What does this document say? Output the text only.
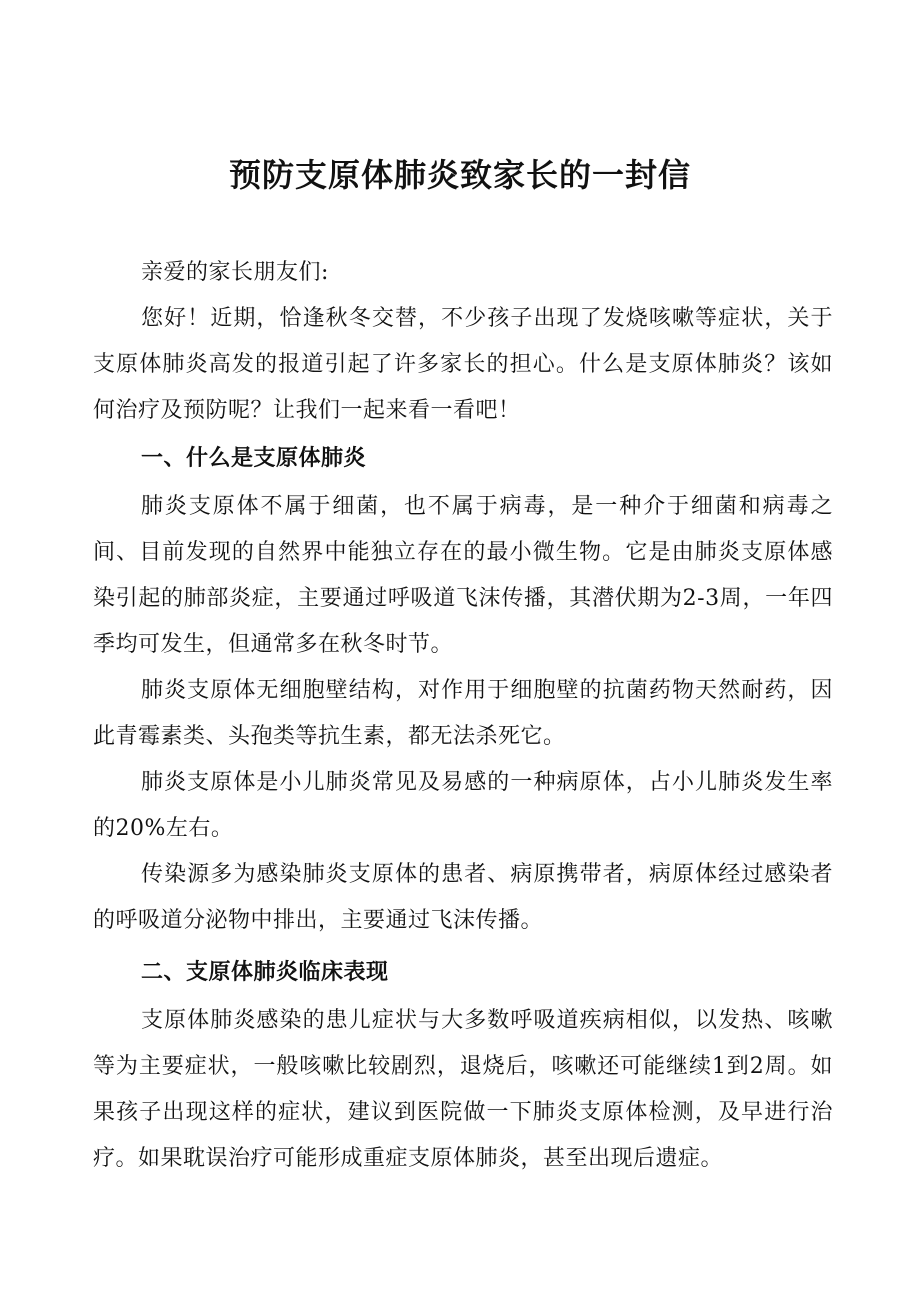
预防支原体肺炎致家长的一封信

亲爱的家长朋友们:

您好！近期，恰逢秋冬交替，不少孩子出现了发烧咳嗽等症状，关于支原体肺炎高发的报道引起了许多家长的担心。什么是支原体肺炎？该如何治疗及预防呢？让我们一起来看一看吧！

一、什么是支原体肺炎

肺炎支原体不属于细菌，也不属于病毒，是一种介于细菌和病毒之间、目前发现的自然界中能独立存在的最小微生物。它是由肺炎支原体感染引起的肺部炎症，主要通过呼吸道飞沫传播，其潜伏期为2-3周，一年四季均可发生，但通常多在秋冬时节。

肺炎支原体无细胞壁结构，对作用于细胞壁的抗菌药物天然耐药，因此青霉素类、头孢类等抗生素，都无法杀死它。

肺炎支原体是小儿肺炎常见及易感的一种病原体，占小儿肺炎发生率的20%左右。

传染源多为感染肺炎支原体的患者、病原携带者，病原体经过感染者的呼吸道分泌物中排出，主要通过飞沫传播。

二、支原体肺炎临床表现

支原体肺炎感染的患儿症状与大多数呼吸道疾病相似，以发热、咳嗽等为主要症状，一般咳嗽比较剧烈，退烧后，咳嗽还可能继续1到2周。如果孩子出现这样的症状，建议到医院做一下肺炎支原体检测，及早进行治疗。如果耽误治疗可能形成重症支原体肺炎，甚至出现后遗症。
